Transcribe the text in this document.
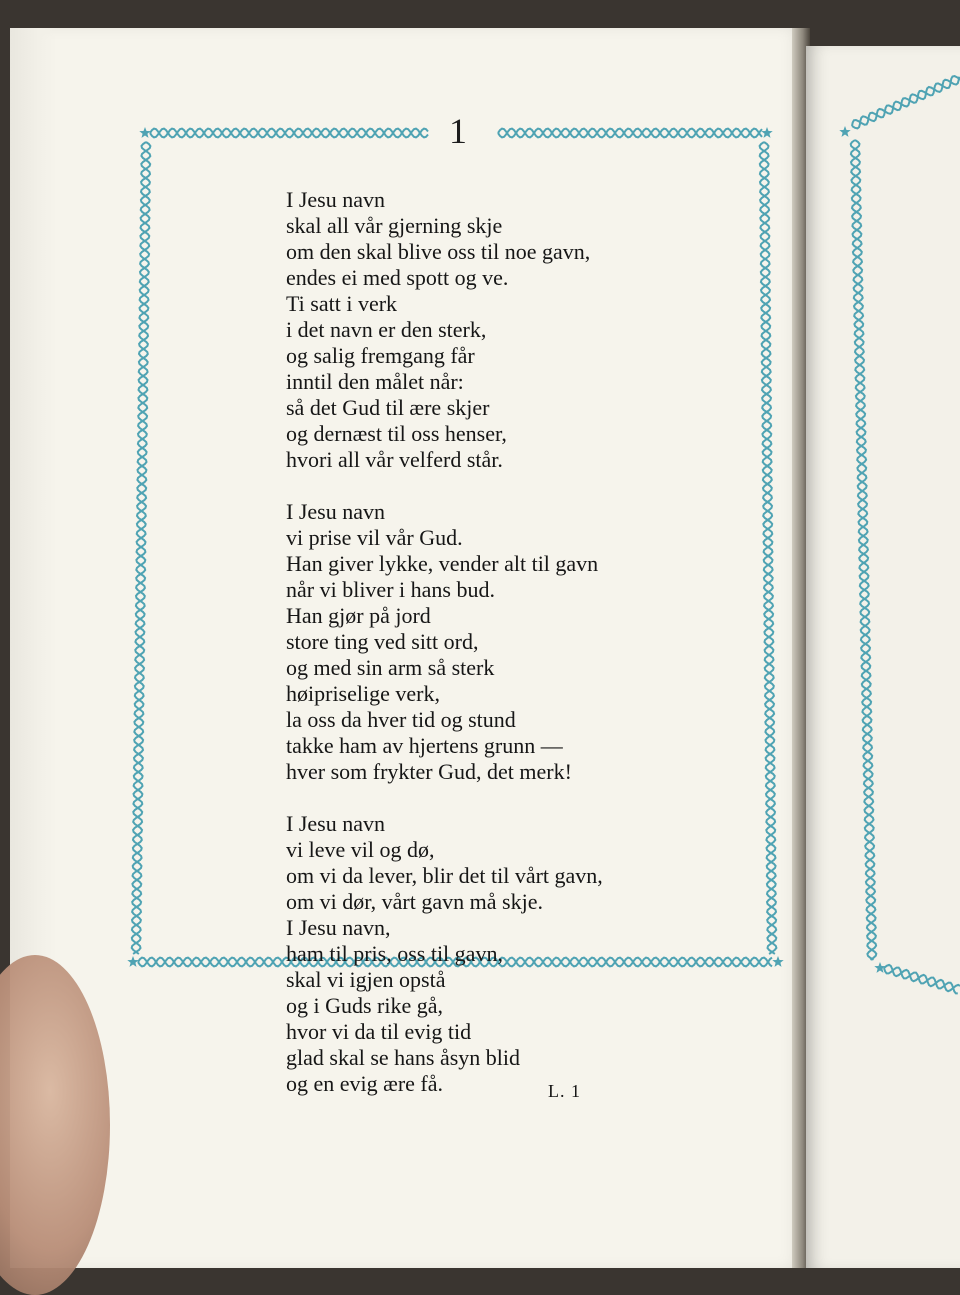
1
I Jesu navn
skal all vår gjerning skje
om den skal blive oss til noe gavn,
endes ei med spott og ve.
Ti satt i verk
i det navn er den sterk,
og salig fremgang får
inntil den målet når:
så det Gud til ære skjer
og dernæst til oss henser,
hvori all vår velferd står.
I Jesu navn
vi prise vil vår Gud.
Han giver lykke, vender alt til gavn
når vi bliver i hans bud.
Han gjør på jord
store ting ved sitt ord,
og med sin arm så sterk
høipriselige verk,
la oss da hver tid og stund
takke ham av hjertens grunn —
hver som frykter Gud, det merk!
I Jesu navn
vi leve vil og dø,
om vi da lever, blir det til vårt gavn,
om vi dør, vårt gavn må skje.
I Jesu navn,
ham til pris, oss til gavn,
skal vi igjen opstå
og i Guds rike gå,
hvor vi da til evig tid
glad skal se hans åsyn blid
og en evig ære få.	L. 1
